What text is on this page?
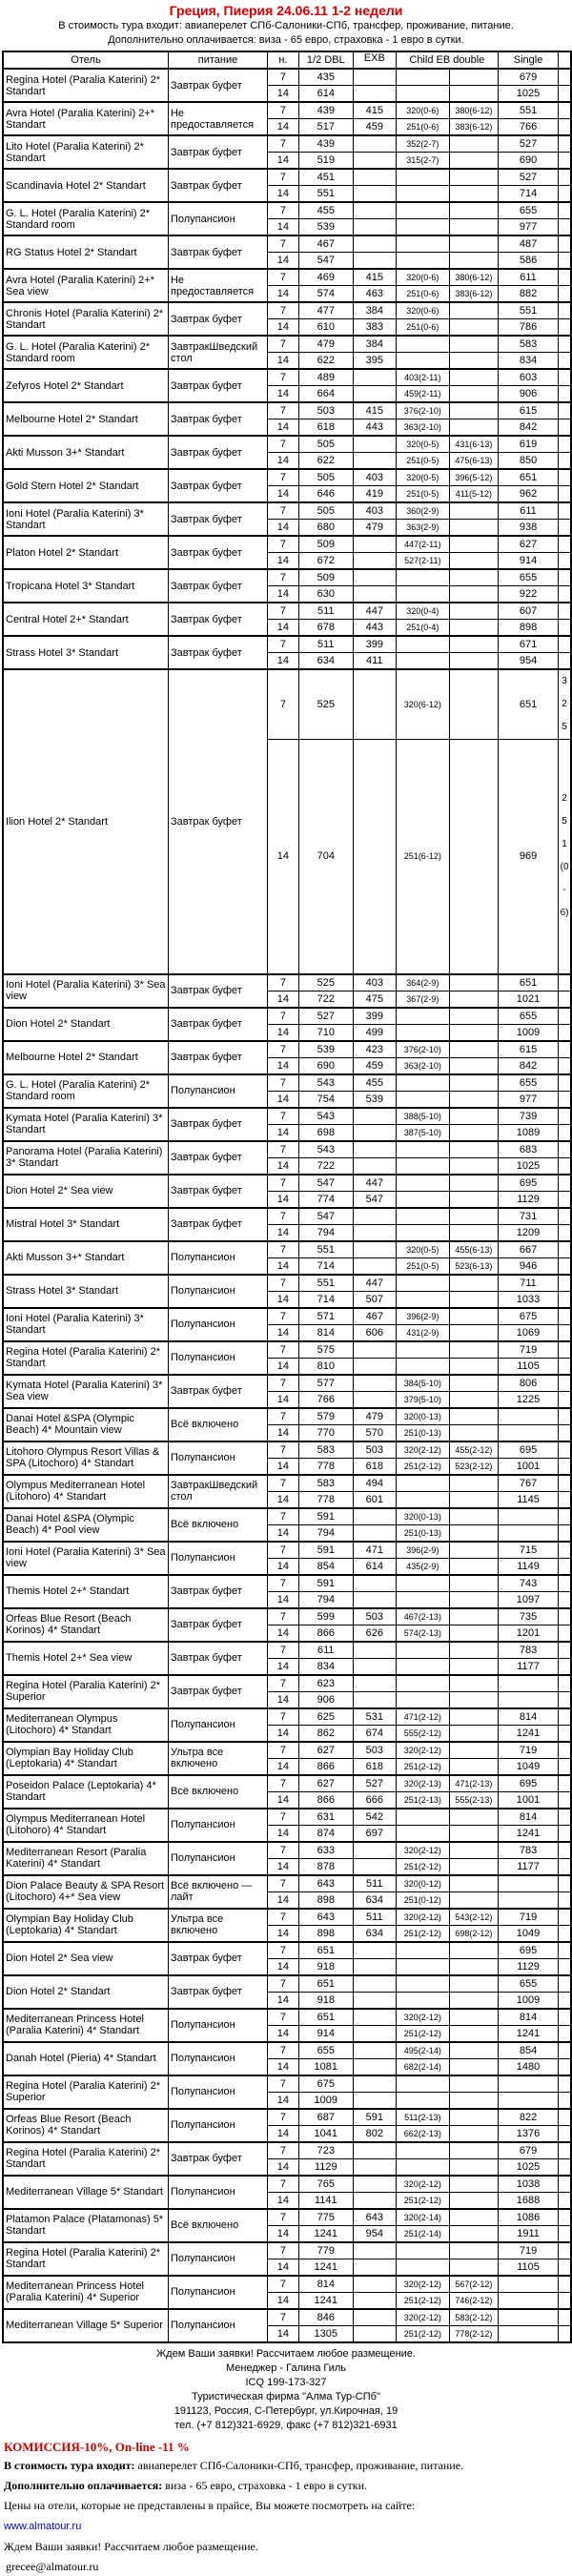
Греция, Пиерия 24.06.11 1-2 недели
В стоимость тура входит: авиаперелет СПб-Салоники-СПб, трансфер, проживание, питание.
Дополнительно оплачивается: виза - 65 евро, страховка - 1 евро в сутки.
Отель	питание	н.	1/2 DBL	EXB	Child EB double		Single	
Regina Hotel (Paralia Katerini) 2* Standart	Завтрак буфет	7	435				679	
		14	614				1025	
Avra Hotel (Paralia Katerini) 2+* Standart	Не предоставляется	7	439	415	320(0-6)	380(6-12)	551	
		14	517	459	251(0-6)	383(6-12)	766	
Lito Hotel (Paralia Katerini) 2* Standart	Завтрак буфет	7	439		352(2-7)		527	
		14	519		315(2-7)		690	
Scandinavia Hotel 2* Standart	Завтрак буфет	7	451				527	
		14	551				714	
G. L. Hotel (Paralia Katerini) 2* Standard room	Полупансион	7	455				655	
		14	539				977	
RG Status Hotel 2* Standart	Завтрак буфет	7	467				487	
		14	547				586	
Avra Hotel (Paralia Katerini) 2+* Sea view	Не предоставляется	7	469	415	320(0-6)	380(6-12)	611	
		14	574	463	251(0-6)	383(6-12)	882	
Chronis Hotel (Paralia Katerini) 2* Standart	Завтрак буфет	7	477	384	320(0-6)		551	
		14	610	383	251(0-6)		786	
G. L. Hotel (Paralia Katerini) 2* Standard room	ЗавтракШведский стол	7	479	384			583	
		14	622	395			834	
Zefyros Hotel 2* Standart	Завтрак буфет	7	489		403(2-11)		603	
		14	664		459(2-11)		906	
Melbourne Hotel 2* Standart	Завтрак буфет	7	503	415	376(2-10)		615	
		14	618	443	363(2-10)		842	
Akti Musson 3+* Standart	Завтрак буфет	7	505		320(0-5)	431(6-13)	619	
		14	622		251(0-5)	475(6-13)	850	
Gold Stern Hotel 2* Standart	Завтрак буфет	7	505	403	320(0-5)	396(5-12)	651	
		14	646	419	251(0-5)	411(5-12)	962	
Ioni Hotel (Paralia Katerini) 3* Standart	Завтрак буфет	7	505	403	360(2-9)		611	
		14	680	479	363(2-9)		938	
Platon Hotel 2* Standart	Завтрак буфет	7	509		447(2-11)		627	
		14	672		527(2-11)		914	
Tropicana Hotel 3* Standart	Завтрак буфет	7	509				655	
		14	630				922	
Central Hotel 2+* Standart	Завтрак буфет	7	511	447	320(0-4)		607	
		14	678	443	251(0-4)		898	
Strass Hotel 3* Standart	Завтрак буфет	7	511	399			671	
		14	634	411			954	
Ilion Hotel 2* Standart	Завтрак буфет	7	525		320(6-12)		651	325
		14	704		251(6-12)		969	251(0-6)
Ioni Hotel (Paralia Katerini) 3* Sea view	Завтрак буфет	7	525	403	364(2-9)		651	
		14	722	475	367(2-9)		1021	
Dion Hotel 2* Standart	Завтрак буфет	7	527	399			655	
		14	710	499			1009	
Melbourne Hotel 2* Standart	Завтрак буфет	7	539	423	376(2-10)		615	
		14	690	459	363(2-10)		842	
G. L. Hotel (Paralia Katerini) 2* Standard room	Полупансион	7	543	455			655	
		14	754	539			977	
Kymata Hotel (Paralia Katerini) 3* Standart	Завтрак буфет	7	543		388(5-10)		739	
		14	698		387(5-10)		1089	
Panorama Hotel (Paralia Katerini) 3* Standart	Завтрак буфет	7	543				683	
		14	722				1025	
Dion Hotel 2* Sea view	Завтрак буфет	7	547	447			695	
		14	774	547			1129	
Mistral Hotel 3* Standart	Завтрак буфет	7	547				731	
		14	794				1209	
Akti Musson 3+* Standart	Полупансион	7	551		320(0-5)	455(6-13)	667	
		14	714		251(0-5)	523(6-13)	946	
Strass Hotel 3* Standart	Полупансион	7	551	447			711	
		14	714	507			1033	
Ioni Hotel (Paralia Katerini) 3* Standart	Полупансион	7	571	467	396(2-9)		675	
		14	814	606	431(2-9)		1069	
Regina Hotel (Paralia Katerini) 2* Standart	Полупансион	7	575				719	
		14	810				1105	
Kymata Hotel (Paralia Katerini) 3* Sea view	Завтрак буфет	7	577		384(5-10)		806	
		14	766		379(5-10)		1225	
Danai Hotel &SPA (Olympic Beach) 4* Mountain view	Всё включено	7	579	479	320(0-13)			
		14	770	570	251(0-13)			
Litohoro Olympus Resort Villas & SPA (Litochoro) 4* Standart	Полупансион	7	583	503	320(2-12)	455(2-12)	695	
		14	778	618	251(2-12)	523(2-12)	1001	
Olympus Mediterranean Hotel (Litohoro) 4* Standart	ЗавтракШведский стол	7	583	494			767	
		14	778	601			1145	
Danai Hotel &SPA (Olympic Beach) 4* Pool view	Всё включено	7	591		320(0-13)			
		14	794		251(0-13)			
Ioni Hotel (Paralia Katerini) 3* Sea view	Полупансион	7	591	471	396(2-9)		715	
		14	854	614	435(2-9)		1149	
Themis Hotel 2+* Standart	Завтрак буфет	7	591				743	
		14	794				1097	
Orfeas Blue Resort (Beach Korinos) 4* Standart	Завтрак буфет	7	599	503	467(2-13)		735	
		14	866	626	574(2-13)		1201	
Themis Hotel 2+* Sea view	Завтрак буфет	7	611				783	
		14	834				1177	
Regina Hotel (Paralia Katerini) 2* Superior	Завтрак буфет	7	623					
		14	906					
Mediterranean Olympus (Litochoro) 4* Standart	Полупансион	7	625	531	471(2-12)		814	
		14	862	674	555(2-12)		1241	
Olympian Bay Holiday Club (Leptokaria) 4* Standart	Ультра все включено	7	627	503	320(2-12)		719	
		14	866	618	251(2-12)		1049	
Poseidon Palace (Leptokaria) 4* Standart	Всё включено	7	627	527	320(2-13)	471(2-13)	695	
		14	866	666	251(2-13)	555(2-13)	1001	
Olympus Mediterranean Hotel (Litohoro) 4* Standart	Полупансион	7	631	542			814	
		14	874	697			1241	
Mediterranean Resort (Paralia Katerini) 4* Standart	Полупансион	7	633		320(2-12)		783	
		14	878		251(2-12)		1177	
Dion Palace Beauty & SPA Resort (Litochoro) 4+* Sea view	Всё включено — лайт	7	643	511	320(0-12)			
		14	898	634	251(0-12)			
Olympian Bay Holiday Club (Leptokaria) 4* Standart	Ультра все включено	7	643	511	320(2-12)	543(2-12)	719	
		14	898	634	251(2-12)	698(2-12)	1049	
Dion Hotel 2* Sea view	Завтрак буфет	7	651				695	
		14	918				1129	
Dion Hotel 2* Standart	Завтрак буфет	7	651				655	
		14	918				1009	
Mediterranean Princess Hotel (Paralia Katerini) 4* Standart	Полупансион	7	651		320(2-12)		814	
		14	914		251(2-12)		1241	
Danah Hotel (Pieria) 4* Standart	Полупансион	7	655		495(2-14)		854	
		14	1081		682(2-14)		1480	
Regina Hotel (Paralia Katerini) 2* Superior	Полупансион	7	675					
		14	1009					
Orfeas Blue Resort (Beach Korinos) 4* Standart	Полупансион	7	687	591	511(2-13)		822	
		14	1041	802	662(2-13)		1376	
Regina Hotel (Paralia Katerini) 2* Standart	Завтрак буфет	7	723				679	
		14	1129				1025	
Mediterranean Village 5* Standart	Полупансион	7	765		320(2-12)		1038	
		14	1141		251(2-12)		1688	
Platamon Palace (Platamonas) 5* Standart	Всё включено	7	775	643	320(2-14)		1086	
		14	1241	954	251(2-14)		1911	
Regina Hotel (Paralia Katerini) 2* Standart	Полупансион	7	779				719	
		14	1241				1105	
Mediterranean Princess Hotel (Paralia Katerini) 4* Superior	Полупансион	7	814		320(2-12)	567(2-12)		
		14	1241		251(2-12)	746(2-12)		
Mediterranean Village 5* Superior	Полупансион	7	846		320(2-12)	583(2-12)		
		14	1305		251(2-12)	778(2-12)		
Ждем Ваши заявки! Рассчитаем любое размещение.
Менеджер - Галина Гиль
ICQ 199-173-327
Туристическая фирма "Алма Тур-СПб"
191123, Россия, С-Петербург, ул.Кирочная, 19
тел. (+7 812)321-6929, факс (+7 812)321-6931
КОМИССИЯ-10%, On-line -11 %
В стоимость тура входит: авиаперелет СПб-Салоники-СПб, трансфер, проживание, питание.
Дополнительно оплачивается: виза - 65 евро, страховка - 1 евро в сутки.
Цены на отели, которые не представлены в прайсе, Вы можете посмотреть на сайте:
www.almatour.ru
Ждем Ваши заявки! Рассчитаем любое размещение.
grecee@almatour.ru
